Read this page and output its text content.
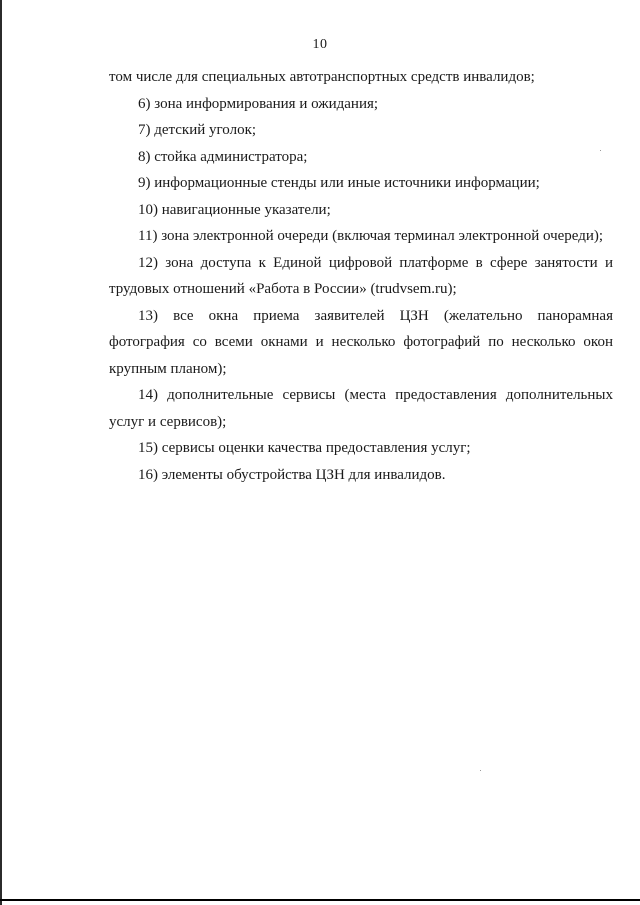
10

том числе для специальных автотранспортных средств инвалидов;

6) зона информирования и ожидания;

7) детский уголок;

8) стойка администратора;

9) информационные стенды или иные источники информации;

10) навигационные указатели;

11) зона электронной очереди (включая терминал электронной очереди);

12) зона доступа к Единой цифровой платформе в сфере занятости и трудовых отношений «Работа в России» (trudvsem.ru);

13) все окна приема заявителей ЦЗН (желательно панорамная фотография со всеми окнами и несколько фотографий по несколько окон крупным планом);

14) дополнительные сервисы (места предоставления дополнительных услуг и сервисов);

15) сервисы оценки качества предоставления услуг;

16) элементы обустройства ЦЗН для инвалидов.
